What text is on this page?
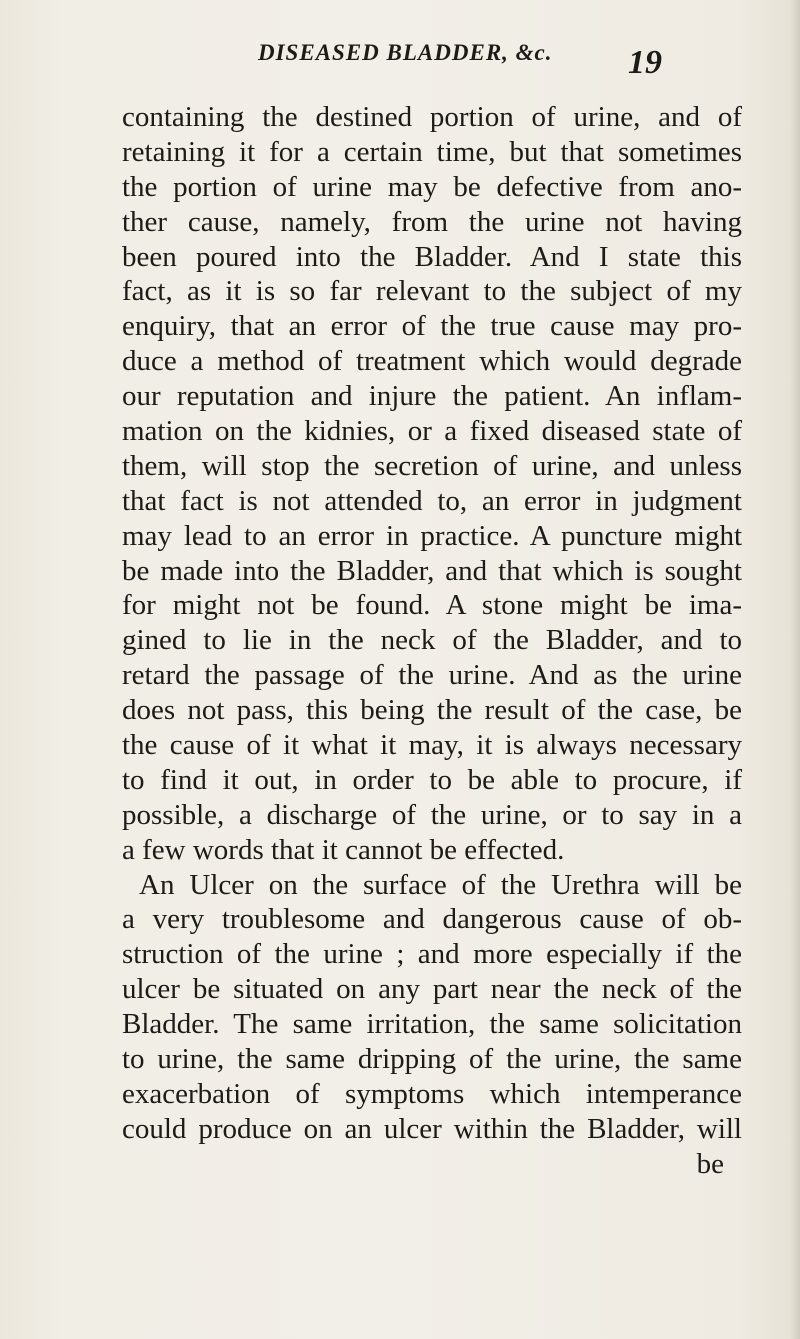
DISEASED BLADDER, &c. 19
containing the destined portion of urine, and of
retaining it for a certain time, but that sometimes
the portion of urine may be defective from ano-
ther cause, namely, from the urine not having
been poured into the Bladder. And I state this
fact, as it is so far relevant to the subject of my
enquiry, that an error of the true cause may pro-
duce a method of treatment which would degrade
our reputation and injure the patient. An inflam-
mation on the kidnies, or a fixed diseased state of
them, will stop the secretion of urine, and unless
that fact is not attended to, an error in judgment
may lead to an error in practice. A puncture might
be made into the Bladder, and that which is sought
for might not be found. A stone might be ima-
gined to lie in the neck of the Bladder, and to
retard the passage of the urine. And as the urine
does not pass, this being the result of the case, be
the cause of it what it may, it is always necessary
to find it out, in order to be able to procure, if
possible, a discharge of the urine, or to say in a
a few words that it cannot be effected.
An Ulcer on the surface of the Urethra will be
a very troublesome and dangerous cause of ob-
struction of the urine ; and more especially if the
ulcer be situated on any part near the neck of the
Bladder. The same irritation, the same solicitation
to urine, the same dripping of the urine, the same
exacerbation of symptoms which intemperance
could produce on an ulcer within the Bladder, will
be
